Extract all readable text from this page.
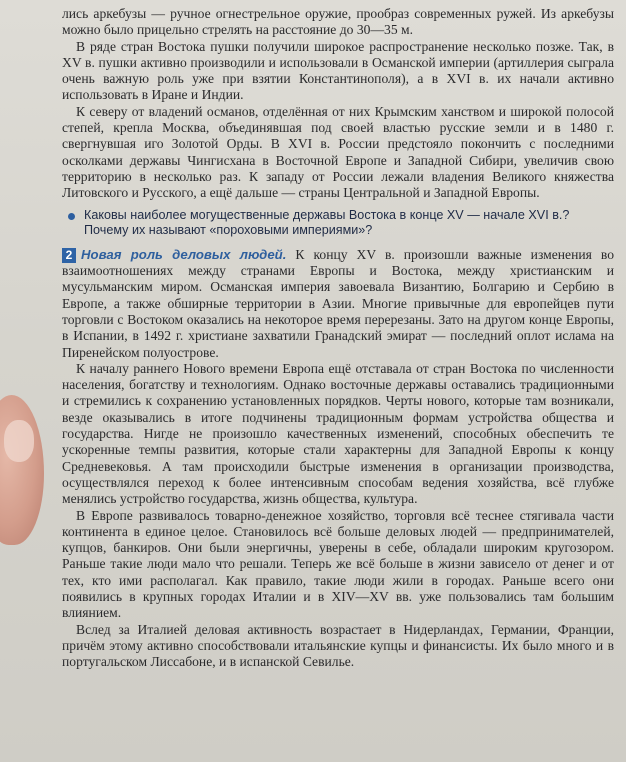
лись аркебузы — ручное огнестрельное оружие, прообраз современных ружей. Из аркебузы можно было прицельно стрелять на расстояние до 30—35 м.

В ряде стран Востока пушки получили широкое распространение несколько позже. Так, в XV в. пушки активно производили и использовали в Османской империи (артиллерия сыграла очень важную роль уже при взятии Константинополя), а в XVI в. их начали активно использовать в Иране и Индии.

К северу от владений османов, отделённая от них Крымским ханством и широкой полосой степей, крепла Москва, объединявшая под своей властью русские земли и в 1480 г. свергнувшая иго Золотой Орды. В XVI в. России предстояло покончить с последними осколками державы Чингисхана в Восточной Европе и Западной Сибири, увеличив свою территорию в несколько раз. К западу от России лежали владения Великого княжества Литовского и Русского, а ещё дальше — страны Центральной и Западной Европы.

Каковы наиболее могущественные державы Востока в конце XV — начале XVI в.? Почему их называют «пороховыми империями»?

2 Новая роль деловых людей. К концу XV в. произошли важные изменения во взаимоотношениях между странами Европы и Востока, между христианским и мусульманским миром. Османская империя завоевала Византию, Болгарию и Сербию в Европе, а также обширные территории в Азии. Многие привычные для европейцев пути торговли с Востоком оказались на некоторое время перерезаны. Зато на другом конце Европы, в Испании, в 1492 г. христиане захватили Гранадский эмират — последний оплот ислама на Пиренейском полуострове.

К началу раннего Нового времени Европа ещё отставала от стран Востока по численности населения, богатству и технологиям. Однако восточные державы оставались традиционными и стремились к сохранению установленных порядков. Черты нового, которые там возникали, везде оказывались в итоге подчинены традиционным формам устройства общества и государства. Нигде не произошло качественных изменений, способных обеспечить те ускоренные темпы развития, которые стали характерны для Западной Европы к концу Средневековья. А там происходили быстрые изменения в организации производства, осуществлялся переход к более интенсивным способам ведения хозяйства, всё глубже менялись устройство государства, жизнь общества, культура.

В Европе развивалось товарно-денежное хозяйство, торговля всё теснее стягивала части континента в единое целое. Становилось всё больше деловых людей — предпринимателей, купцов, банкиров. Они были энергичны, уверены в себе, обладали широким кругозором. Раньше такие люди мало что решали. Теперь же всё больше в жизни зависело от денег и от тех, кто ими располагал. Как правило, такие люди жили в городах. Раньше всего они появились в крупных городах Италии и в XIV—XV вв. уже пользовались там большим влиянием.

Вслед за Италией деловая активность возрастает в Нидерландах, Германии, Франции, причём этому активно способствовали итальянские купцы и финансисты. Их было много и в португальском Лиссабоне, и в испанской Севилье.
